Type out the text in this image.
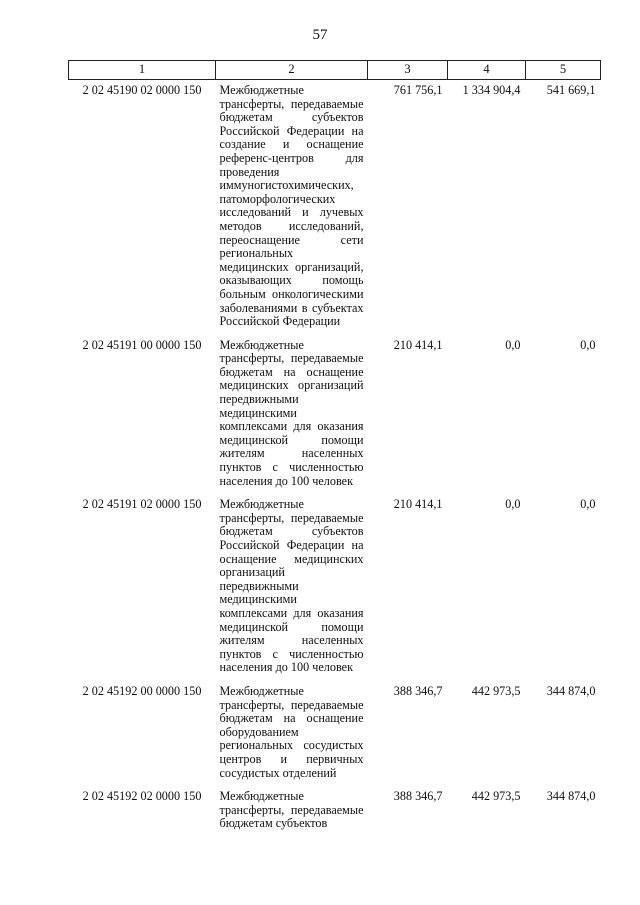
57
1	2	3	4	5
2 02 45190 02 0000 150	Межбюджетные трансферты, передаваемые бюджетам субъектов Российской Федерации на создание и оснащение референс-центров для проведения иммуногистохимических, патоморфологических исследований и лучевых методов исследований, переоснащение сети региональных медицинских организаций, оказывающих помощь больным онкологическими заболеваниями в субъектах Российской Федерации	761 756,1	1 334 904,4	541 669,1
2 02 45191 00 0000 150	Межбюджетные трансферты, передаваемые бюджетам на оснащение медицинских организаций передвижными медицинскими комплексами для оказания медицинской помощи жителям населенных пунктов с численностью населения до 100 человек	210 414,1	0,0	0,0
2 02 45191 02 0000 150	Межбюджетные трансферты, передаваемые бюджетам субъектов Российской Федерации на оснащение медицинских организаций передвижными медицинскими комплексами для оказания медицинской помощи жителям населенных пунктов с численностью населения до 100 человек	210 414,1	0,0	0,0
2 02 45192 00 0000 150	Межбюджетные трансферты, передаваемые бюджетам на оснащение оборудованием региональных сосудистых центров и первичных сосудистых отделений	388 346,7	442 973,5	344 874,0
2 02 45192 02 0000 150	Межбюджетные трансферты, передаваемые бюджетам субъектов	388 346,7	442 973,5	344 874,0
